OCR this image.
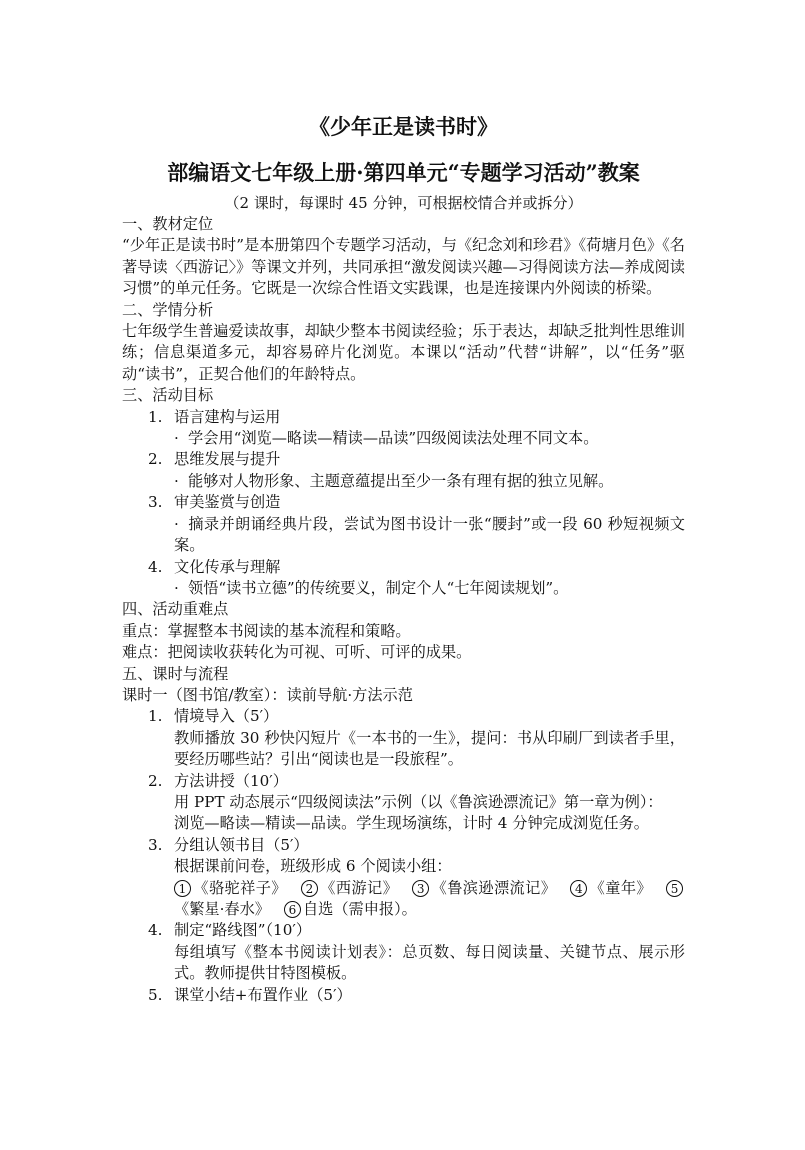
《少年正是读书时》
部编语文七年级上册·第四单元“专题学习活动”教案
（2 课时，每课时 45 分钟，可根据校情合并或拆分）

一、教材定位

“少年正是读书时”是本册第四个专题学习活动，与《纪念刘和珍君》《荷塘月色》《名著导读〈西游记〉》等课文并列，共同承担“激发阅读兴趣—习得阅读方法—养成阅读习惯”的单元任务。它既是一次综合性语文实践课，也是连接课内外阅读的桥梁。

二、学情分析

七年级学生普遍爱读故事，却缺少整本书阅读经验；乐于表达，却缺乏批判性思维训练；信息渠道多元，却容易碎片化浏览。本课以“活动”代替“讲解”，以“任务”驱动“读书”，正契合他们的年龄特点。

三、活动目标

1. 语言建构与运用

· 学会用“浏览—略读—精读—品读”四级阅读法处理不同文本。

2. 思维发展与提升

· 能够对人物形象、主题意蕴提出至少一条有理有据的独立见解。

3. 审美鉴赏与创造

· 摘录并朗诵经典片段，尝试为图书设计一张“腰封”或一段 60 秒短视频文案。

4. 文化传承与理解

· 领悟“读书立德”的传统要义，制定个人“七年阅读规划”。

四、活动重难点

重点：掌握整本书阅读的基本流程和策略。

难点：把阅读收获转化为可视、可听、可评的成果。

五、课时与流程

课时一（图书馆/教室）：读前导航·方法示范

1. 情境导入（5′）

教师播放 30 秒快闪短片《一本书的一生》，提问：书从印刷厂到读者手里，要经历哪些站？引出“阅读也是一段旅程”。

2. 方法讲授（10′）

用 PPT 动态展示“四级阅读法”示例（以《鲁滨逊漂流记》第一章为例）：

浏览—略读—精读—品读。学生现场演练，计时 4 分钟完成浏览任务。

3. 分组认领书目（5′）

根据课前问卷，班级形成 6 个阅读小组：

1 《骆驼祥子》 2 《西游记》 3 《鲁滨逊漂流记》 4 《童年》 5《繁星·春水》 6 自选（需申报）。

4. 制定“路线图”（10′）

每组填写《整本书阅读计划表》：总页数、每日阅读量、关键节点、展示形式。教师提供甘特图模板。

5. 课堂小结+布置作业（5′）
